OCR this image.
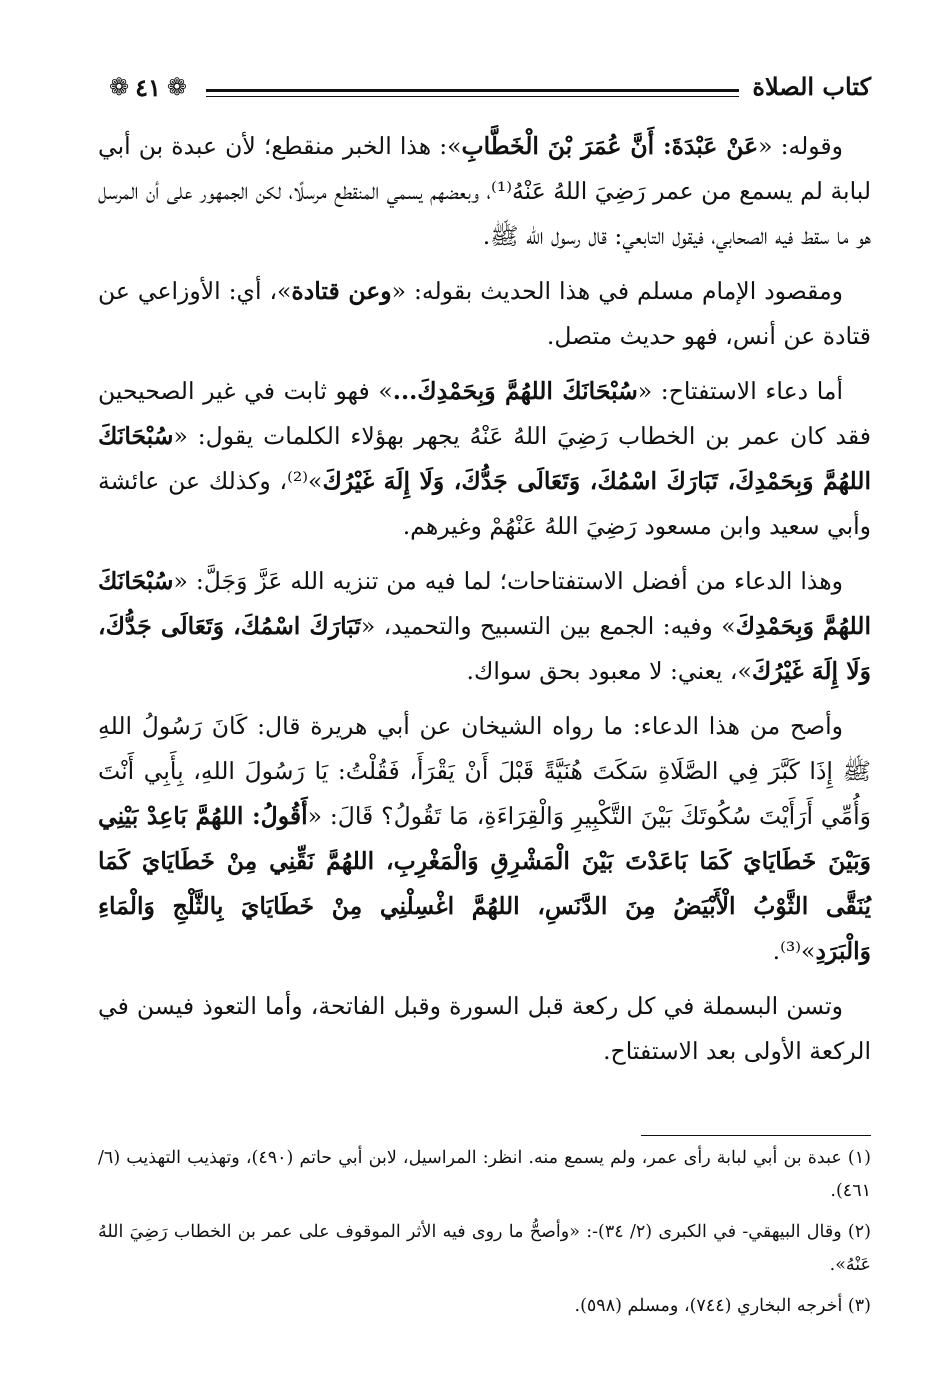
كتاب الصلاة
❁ ٤١ ❁

وقوله: «عَنْ عَبْدَةَ: أَنَّ عُمَرَ بْنَ الْخَطَّابِ»: هذا الخبر منقطع؛ لأن عبدة بن أبي لبابة لم يسمع من عمر رَضِيَ اللهُ عَنْهُ⁽¹⁾، وبعضهم يسمي المنقطع مرسلًا، لكن الجمهور على أن المرسل هو ما سقط فيه الصحابي، فيقول التابعي: قال رسول الله ﷺ.

ومقصود الإمام مسلم في هذا الحديث بقوله: «وعن قتادة»، أي: الأوزاعي عن قتادة عن أنس، فهو حديث متصل.

أما دعاء الاستفتاح: «سُبْحَانَكَ اللهُمَّ وَبِحَمْدِكَ...» فهو ثابت في غير الصحيحين فقد كان عمر بن الخطاب رَضِيَ اللهُ عَنْهُ يجهر بهؤلاء الكلمات يقول: «سُبْحَانَكَ اللهُمَّ وَبِحَمْدِكَ، تَبَارَكَ اسْمُكَ، وَتَعَالَى جَدُّكَ، وَلَا إِلَهَ غَيْرُكَ»⁽²⁾، وكذلك عن عائشة وأبي سعيد وابن مسعود رَضِيَ اللهُ عَنْهُمْ وغيرهم.

وهذا الدعاء من أفضل الاستفتاحات؛ لما فيه من تنزيه الله عَزَّ وَجَلَّ: «سُبْحَانَكَ اللهُمَّ وَبِحَمْدِكَ» وفيه: الجمع بين التسبيح والتحميد، «تَبَارَكَ اسْمُكَ، وَتَعَالَى جَدُّكَ، وَلَا إِلَهَ غَيْرُكَ»، يعني: لا معبود بحق سواك.

وأصح من هذا الدعاء: ما رواه الشيخان عن أبي هريرة قال: كَانَ رَسُولُ اللهِ ﷺ إِذَا كَبَّرَ فِي الصَّلَاةِ سَكَتَ هُنَيَّةً قَبْلَ أَنْ يَقْرَأَ، فَقُلْتُ: يَا رَسُولَ اللهِ، بِأَبِي أَنْتَ وَأُمِّي أَرَأَيْتَ سُكُوتَكَ بَيْنَ التَّكْبِيرِ وَالْقِرَاءَةِ، مَا تَقُولُ؟ قَالَ: «أَقُولُ: اللهُمَّ بَاعِدْ بَيْنِي وَبَيْنَ خَطَايَايَ كَمَا بَاعَدْتَ بَيْنَ الْمَشْرِقِ وَالْمَغْرِبِ، اللهُمَّ نَقِّنِي مِنْ خَطَايَايَ كَمَا يُنَقَّى الثَّوْبُ الْأَبْيَضُ مِنَ الدَّنَسِ، اللهُمَّ اغْسِلْنِي مِنْ خَطَايَايَ بِالثَّلْجِ وَالْمَاءِ وَالْبَرَدِ»⁽³⁾.

وتسن البسملة في كل ركعة قبل السورة وقبل الفاتحة، وأما التعوذ فيسن في الركعة الأولى بعد الاستفتاح.

(١) عبدة بن أبي لبابة رأى عمر، ولم يسمع منه. انظر: المراسيل، لابن أبي حاتم (٤٩٠)، وتهذيب التهذيب (٦/ ٤٦١).

(٢) وقال البيهقي- في الكبرى (٢/ ٣٤)-: «وأصحُّ ما روى فيه الأثر الموقوف على عمر بن الخطاب رَضِيَ اللهُ عَنْهُ».

(٣) أخرجه البخاري (٧٤٤)، ومسلم (٥٩٨).
